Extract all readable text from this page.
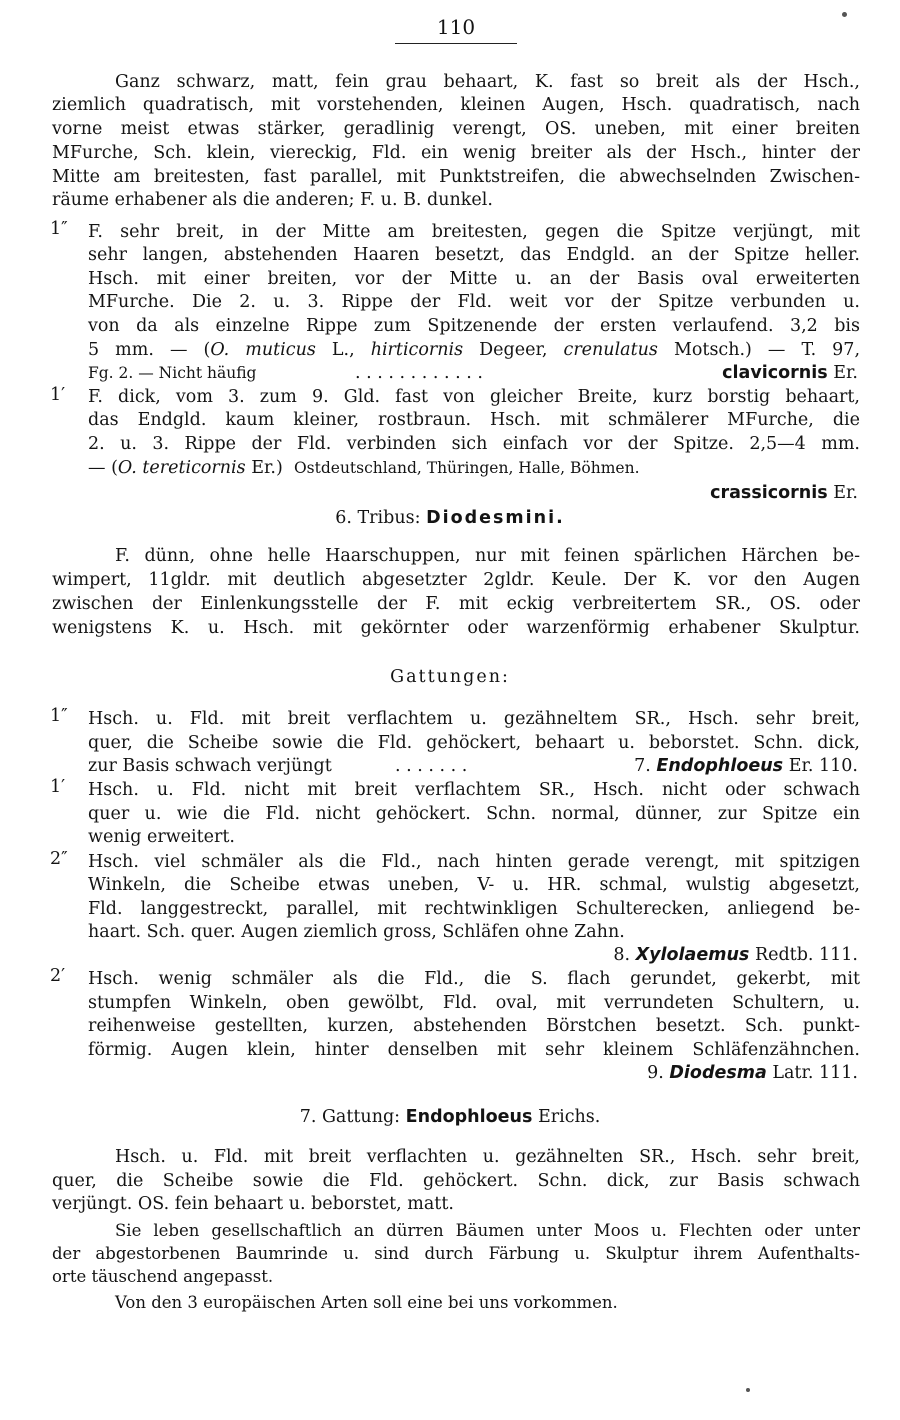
110
Ganz schwarz, matt, fein grau behaart, K. fast so breit als der Hsch.,
ziemlich quadratisch, mit vorstehenden, kleinen Augen, Hsch. quadratisch, nach
vorne meist etwas stärker, geradlinig verengt, OS. uneben, mit einer breiten
MFurche, Sch. klein, viereckig, Fld. ein wenig breiter als der Hsch., hinter der
Mitte am breitesten, fast parallel, mit Punktstreifen, die abwechselnden Zwischen-
räume erhabener als die anderen; F. u. B. dunkel.
1″ F. sehr breit, in der Mitte am breitesten, gegen die Spitze verjüngt, mit
sehr langen, abstehenden Haaren besetzt, das Endgld. an der Spitze heller.
Hsch. mit einer breiten, vor der Mitte u. an der Basis oval erweiterten
MFurche. Die 2. u. 3. Rippe der Fld. weit vor der Spitze verbunden u.
von da als einzelne Rippe zum Spitzenende der ersten verlaufend. 3,2 bis
5 mm. — (O. muticus L., hirticornis Degeer, crenulatus Motsch.) — T. 97,
Fg. 2. — Nicht häufig	. . . . . . . . . . . .	clavicornis Er.
1′ F. dick, vom 3. zum 9. Gld. fast von gleicher Breite, kurz borstig behaart,
das Endgld. kaum kleiner, rostbraun. Hsch. mit schmälerer MFurche, die
2. u. 3. Rippe der Fld. verbinden sich einfach vor der Spitze. 2,5—4 mm.
— (O. tereticornis Er.) Ostdeutschland, Thüringen, Halle, Böhmen.
crassicornis Er.
6. Tribus: Diodesmini.
F. dünn, ohne helle Haarschuppen, nur mit feinen spärlichen Härchen be-
wimpert, 11gldr. mit deutlich abgesetzter 2gldr. Keule. Der K. vor den Augen
zwischen der Einlenkungsstelle der F. mit eckig verbreitertem SR., OS. oder
wenigstens K. u. Hsch. mit gekörnter oder warzenförmig erhabener Skulptur.
Gattungen:
1″ Hsch. u. Fld. mit breit verflachtem u. gezähneltem SR., Hsch. sehr breit,
quer, die Scheibe sowie die Fld. gehöckert, behaart u. beborstet. Schn. dick,
zur Basis schwach verjüngt	. . . . . . .	7. Endophloeus Er. 110.
1′ Hsch. u. Fld. nicht mit breit verflachtem SR., Hsch. nicht oder schwach
quer u. wie die Fld. nicht gehöckert. Schn. normal, dünner, zur Spitze ein
wenig erweitert.
2″ Hsch. viel schmäler als die Fld., nach hinten gerade verengt, mit spitzigen
Winkeln, die Scheibe etwas uneben, V- u. HR. schmal, wulstig abgesetzt,
Fld. langgestreckt, parallel, mit rechtwinkligen Schulterecken, anliegend be-
haart. Sch. quer. Augen ziemlich gross, Schläfen ohne Zahn.
8. Xylolaemus Redtb. 111.
2′ Hsch. wenig schmäler als die Fld., die S. flach gerundet, gekerbt, mit
stumpfen Winkeln, oben gewölbt, Fld. oval, mit verrundeten Schultern, u.
reihenweise gestellten, kurzen, abstehenden Börstchen besetzt. Sch. punkt-
förmig. Augen klein, hinter denselben mit sehr kleinem Schläfenzähnchen.
9. Diodesma Latr. 111.
7. Gattung: Endophloeus Erichs.
Hsch. u. Fld. mit breit verflachten u. gezähnelten SR., Hsch. sehr breit,
quer, die Scheibe sowie die Fld. gehöckert. Schn. dick, zur Basis schwach
verjüngt. OS. fein behaart u. beborstet, matt.
Sie leben gesellschaftlich an dürren Bäumen unter Moos u. Flechten oder unter
der abgestorbenen Baumrinde u. sind durch Färbung u. Skulptur ihrem Aufenthalts-
orte täuschend angepasst.
Von den 3 europäischen Arten soll eine bei uns vorkommen.
